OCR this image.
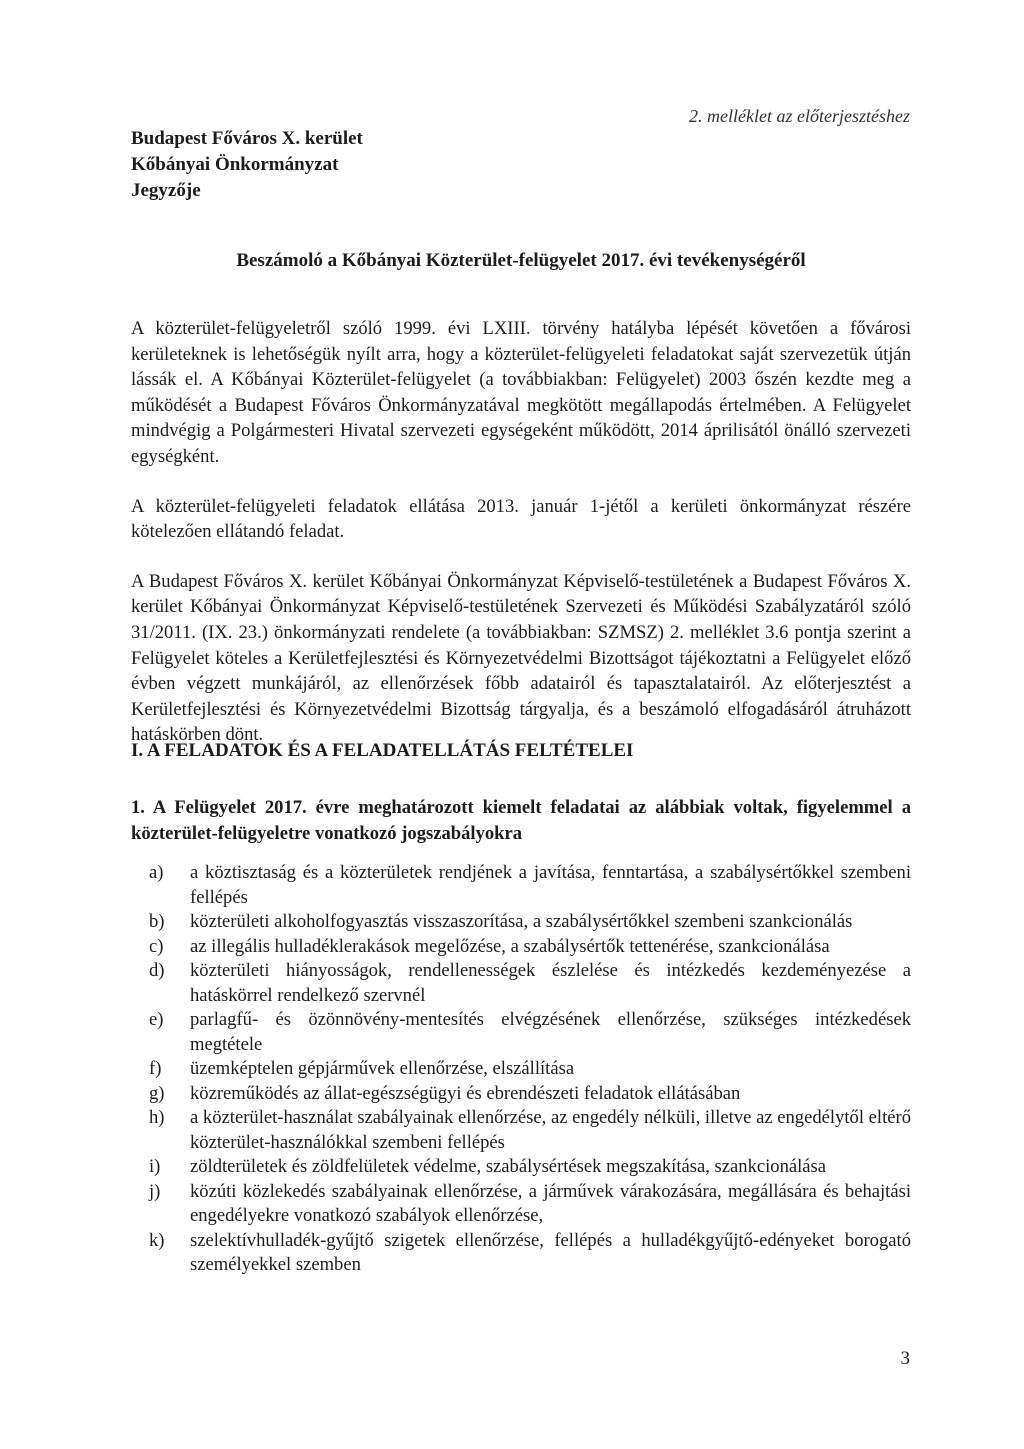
2. melléklet az előterjesztéshez
Budapest Főváros X. kerület
Kőbányai Önkormányzat
Jegyzője
Beszámoló a Kőbányai Közterület-felügyelet 2017. évi tevékenységéről

A közterület-felügyeletről szóló 1999. évi LXIII. törvény hatályba lépését követően a fővárosi kerületeknek is lehetőségük nyílt arra, hogy a közterület-felügyeleti feladatokat saját szervezetük útján lássák el. A Kőbányai Közterület-felügyelet (a továbbiakban: Felügyelet) 2003 őszén kezdte meg a működését a Budapest Főváros Önkormányzatával megkötött megállapodás értelmében. A Felügyelet mindvégig a Polgármesteri Hivatal szervezeti egységeként működött, 2014 áprilisától önálló szervezeti egységként.

A közterület-felügyeleti feladatok ellátása 2013. január 1-jétől a kerületi önkormányzat részére kötelezően ellátandó feladat.

A Budapest Főváros X. kerület Kőbányai Önkormányzat Képviselő-testületének a Budapest Főváros X. kerület Kőbányai Önkormányzat Képviselő-testületének Szervezeti és Működési Szabályzatáról szóló 31/2011. (IX. 23.) önkormányzati rendelete (a továbbiakban: SZMSZ) 2. melléklet 3.6 pontja szerint a Felügyelet köteles a Kerületfejlesztési és Környezetvédelmi Bizottságot tájékoztatni a Felügyelet előző évben végzett munkájáról, az ellenőrzések főbb adatairól és tapasztalatairól. Az előterjesztést a Kerületfejlesztési és Környezetvédelmi Bizottság tárgyalja, és a beszámoló elfogadásáról átruházott hatáskörben dönt.

I. A FELADATOK ÉS A FELADATELLÁTÁS FELTÉTELEI
1. A Felügyelet 2017. évre meghatározott kiemelt feladatai az alábbiak voltak, figyelemmel a közterület-felügyeletre vonatkozó jogszabályokra
a)	a köztisztaság és a közterületek rendjének a javítása, fenntartása, a szabálysértőkkel szembeni fellépés
b)	közterületi alkoholfogyasztás visszaszorítása, a szabálysértőkkel szembeni szankcionálás
c)	az illegális hulladéklerakások megelőzése, a szabálysértők tettenérése, szankcionálása
d)	közterületi hiányosságok, rendellenességek észlelése és intézkedés kezdeményezése a hatáskörrel rendelkező szervnél
e)	parlagfű- és özönnövény-mentesítés elvégzésének ellenőrzése, szükséges intézkedések megtétele
f)	üzemképtelen gépjárművek ellenőrzése, elszállítása
g)	közreműködés az állat-egészségügyi és ebrendészeti feladatok ellátásában
h)	a közterület-használat szabályainak ellenőrzése, az engedély nélküli, illetve az engedélytől eltérő közterület-használókkal szembeni fellépés
i)	zöldterületek és zöldfelületek védelme, szabálysértések megszakítása, szankcionálása
j)	közúti közlekedés szabályainak ellenőrzése, a járművek várakozására, megállására és behajtási engedélyekre vonatkozó szabályok ellenőrzése,
k)	szelektívhulladék-gyűjtő szigetek ellenőrzése, fellépés a hulladékgyűjtő-edényeket borogató személyekkel szemben
3
